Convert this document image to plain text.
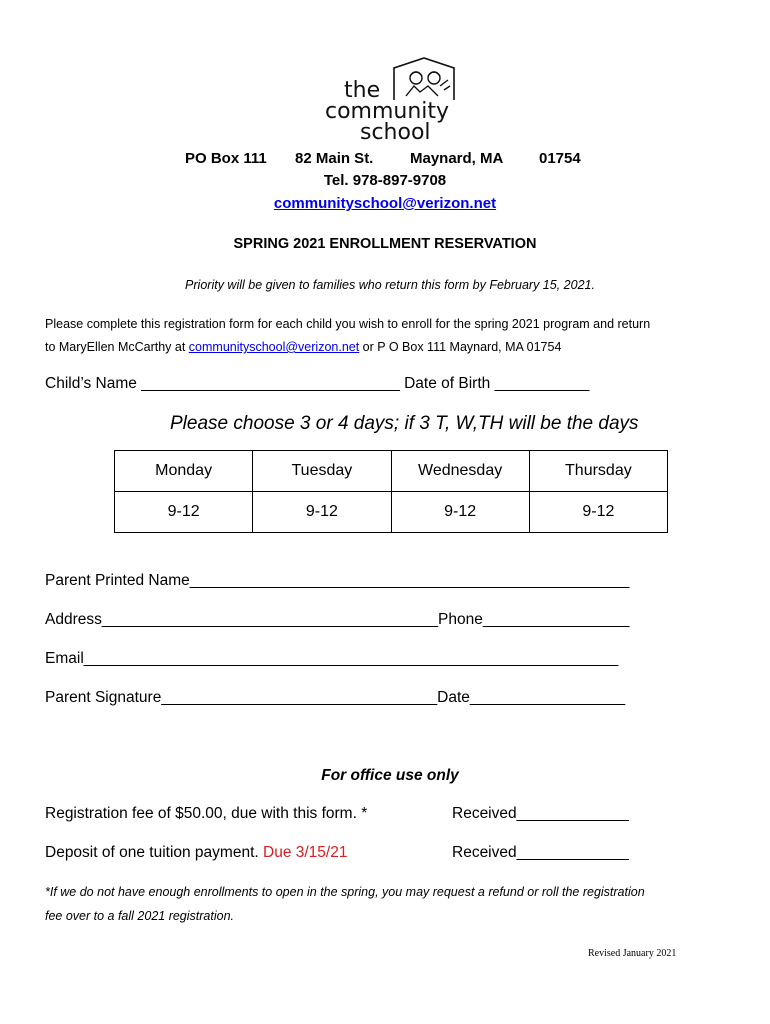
the
community
school
PO Box 111 82 Main St. Maynard, MA 01754
Tel. 978-897-9708
communityschool@verizon.net
SPRING 2021 ENROLLMENT RESERVATION
Priority will be given to families who return this form by February 15, 2021.
Please complete this registration form for each child you wish to enroll for the spring 2021 program and return
to MaryEllen McCarthy at communityschool@verizon.net or P O Box 111 Maynard, MA 01754
Child’s Name ______________________________ Date of Birth ___________
Please choose 3 or 4 days; if 3 T, W,TH will be the days
Monday	Tuesday	Wednesday	Thursday
9-12	9-12	9-12	9-12
Parent Printed Name___________________________________________________
Address_______________________________________Phone_________________
Email______________________________________________________________
Parent Signature________________________________Date__________________
For office use only
Registration fee of $50.00, due with this form. *	Received_____________
Deposit of one tuition payment. Due 3/15/21	Received_____________
*If we do not have enough enrollments to open in the spring, you may request a refund or roll the registration
fee over to a fall 2021 registration.
Revised January 2021
